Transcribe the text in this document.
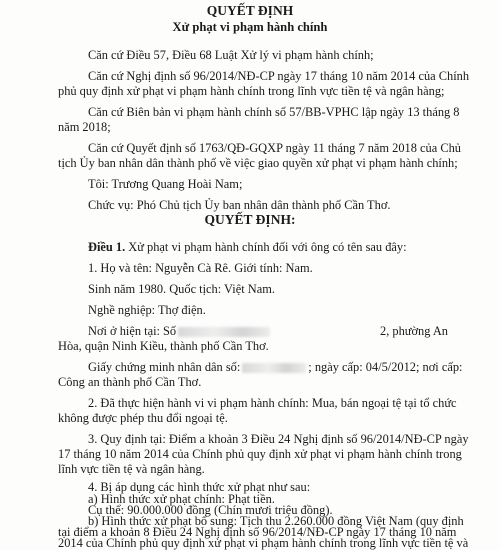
QUYẾT ĐỊNH
Xử phạt vi phạm hành chính
Căn cứ Điều 57, Điều 68 Luật Xử lý vi phạm hành chính;
Căn cứ Nghị định số 96/2014/NĐ-CP ngày 17 tháng 10 năm 2014 của Chính
phủ quy định xử phạt vi phạm hành chính trong lĩnh vực tiền tệ và ngân hàng;
Căn cứ Biên bản vi phạm hành chính số 57/BB-VPHC lập ngày 13 tháng 8
năm 2018;
Căn cứ Quyết định số 1763/QĐ-GQXP ngày 11 tháng 7 năm 2018 của Chủ
tịch Ủy ban nhân dân thành phố về việc giao quyền xử phạt vi phạm hành chính;
Tôi: Trương Quang Hoài Nam;
Chức vụ: Phó Chủ tịch Ủy ban nhân dân thành phố Cần Thơ.
QUYẾT ĐỊNH:
Điều 1. Xử phạt vi phạm hành chính đối với ông có tên sau đây:
1. Họ và tên: Nguyễn Cà Rê. Giới tính: Nam.
Sinh năm 1980. Quốc tịch: Việt Nam.
Nghề nghiệp: Thợ điện.
Nơi ở hiện tại: Số	2, phường An
Hòa, quận Ninh Kiều, thành phố Cần Thơ.
Giấy chứng minh nhân dân số:	; ngày cấp: 04/5/2012; nơi cấp:
Công an thành phố Cần Thơ.
2. Đã thực hiện hành vi vi phạm hành chính: Mua, bán ngoại tệ tại tổ chức
không được phép thu đổi ngoại tệ.
3. Quy định tại: Điểm a khoản 3 Điều 24 Nghị định số 96/2014/NĐ-CP ngày
17 tháng 10 năm 2014 của Chính phủ quy định xử phạt vi phạm hành chính trong
lĩnh vực tiền tệ và ngân hàng.
4. Bị áp dụng các hình thức xử phạt như sau:
a) Hình thức xử phạt chính: Phạt tiền.
Cụ thể: 90.000.000 đồng (Chín mươi triệu đồng).
b) Hình thức xử phạt bổ sung: Tịch thu 2.260.000 đồng Việt Nam (quy định
tại điểm a khoản 8 Điều 24 Nghị định số 96/2014/NĐ-CP ngày 17 tháng 10 năm
2014 của Chính phủ quy định xử phạt vi phạm hành chính trong lĩnh vực tiền tệ và
